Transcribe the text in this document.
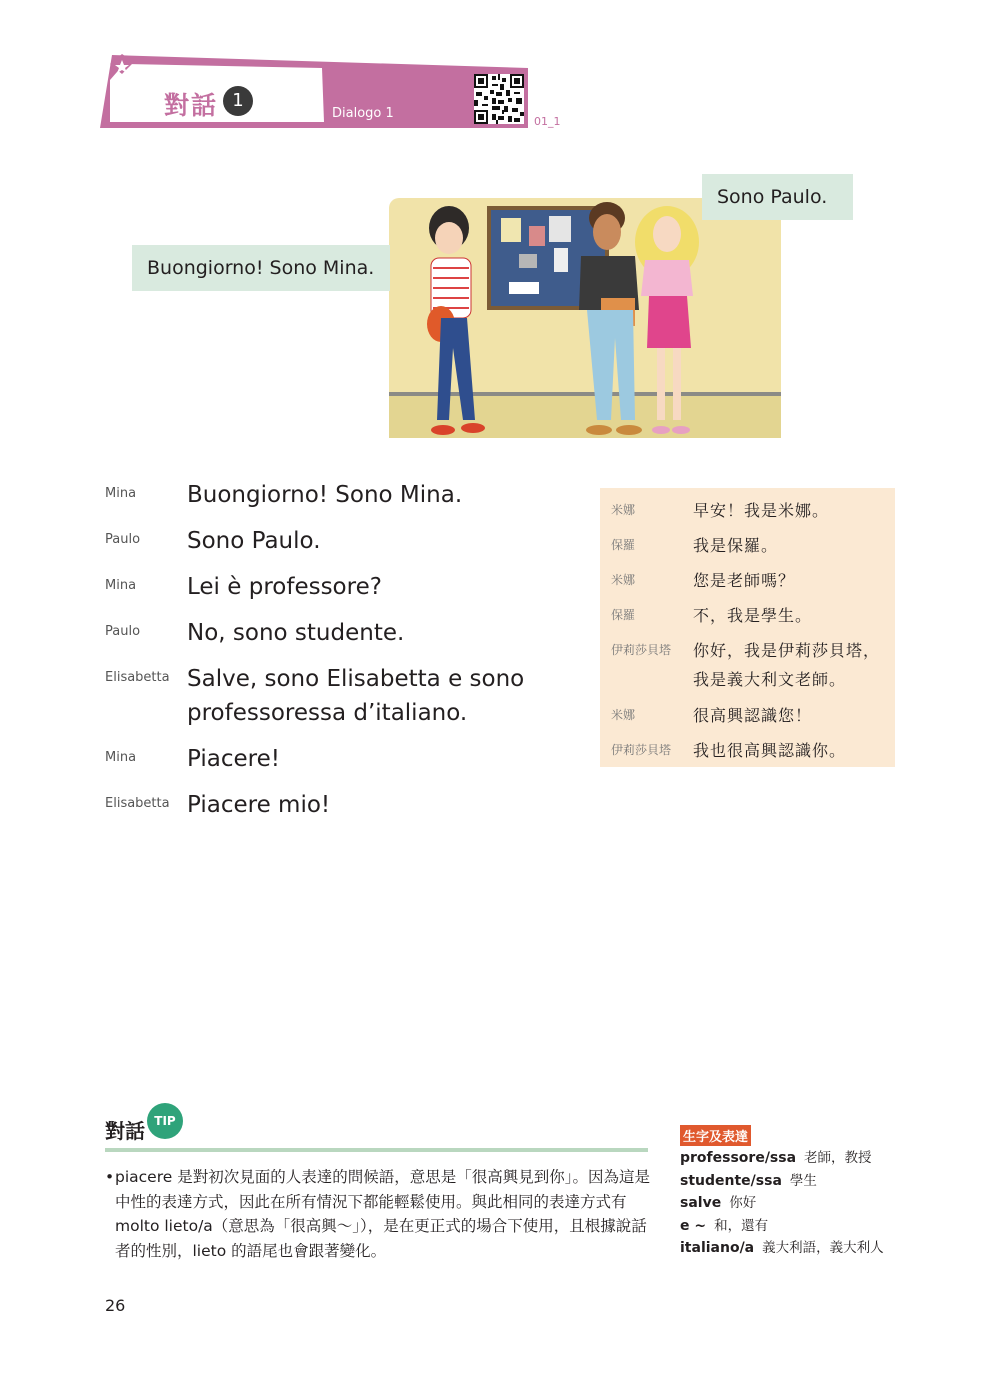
對話 1
Dialogo 1
01_1
Buongiorno! Sono Mina.
Sono Paulo.
Mina	Buongiorno! Sono Mina.
Paulo	Sono Paulo.
Mina	Lei è professore?
Paulo	No, sono studente.
Elisabetta Salve, sono Elisabetta e sono
professoressa d’italiano.
Mina	Piacere!
Elisabetta Piacere mio!
米娜	早安！我是米娜。
保羅	我是保羅。
米娜	您是老師嗎？
保羅	不，我是學生。
伊莉莎貝塔 你好，我是伊莉莎貝塔，
我是義大利文老師。
米娜	很高興認識您！
伊莉莎貝塔 我也很高興認識你。
對話 TIP
• piacere 是對初次見面的人表達的問候語，意思是「很高興見到你」。因為這是中性的表達方式，因此在所有情況下都能輕鬆使用。與此相同的表達方式有 molto lieto/a（意思為「很高興～」），是在更正式的場合下使用，且根據說話者的性別，lieto 的語尾也會跟著變化。

生字及表達
professore/ssa 老師，教授
studente/ssa 學生
salve 你好
e ~ 和，還有
italiano/a 義大利語，義大利人
26
